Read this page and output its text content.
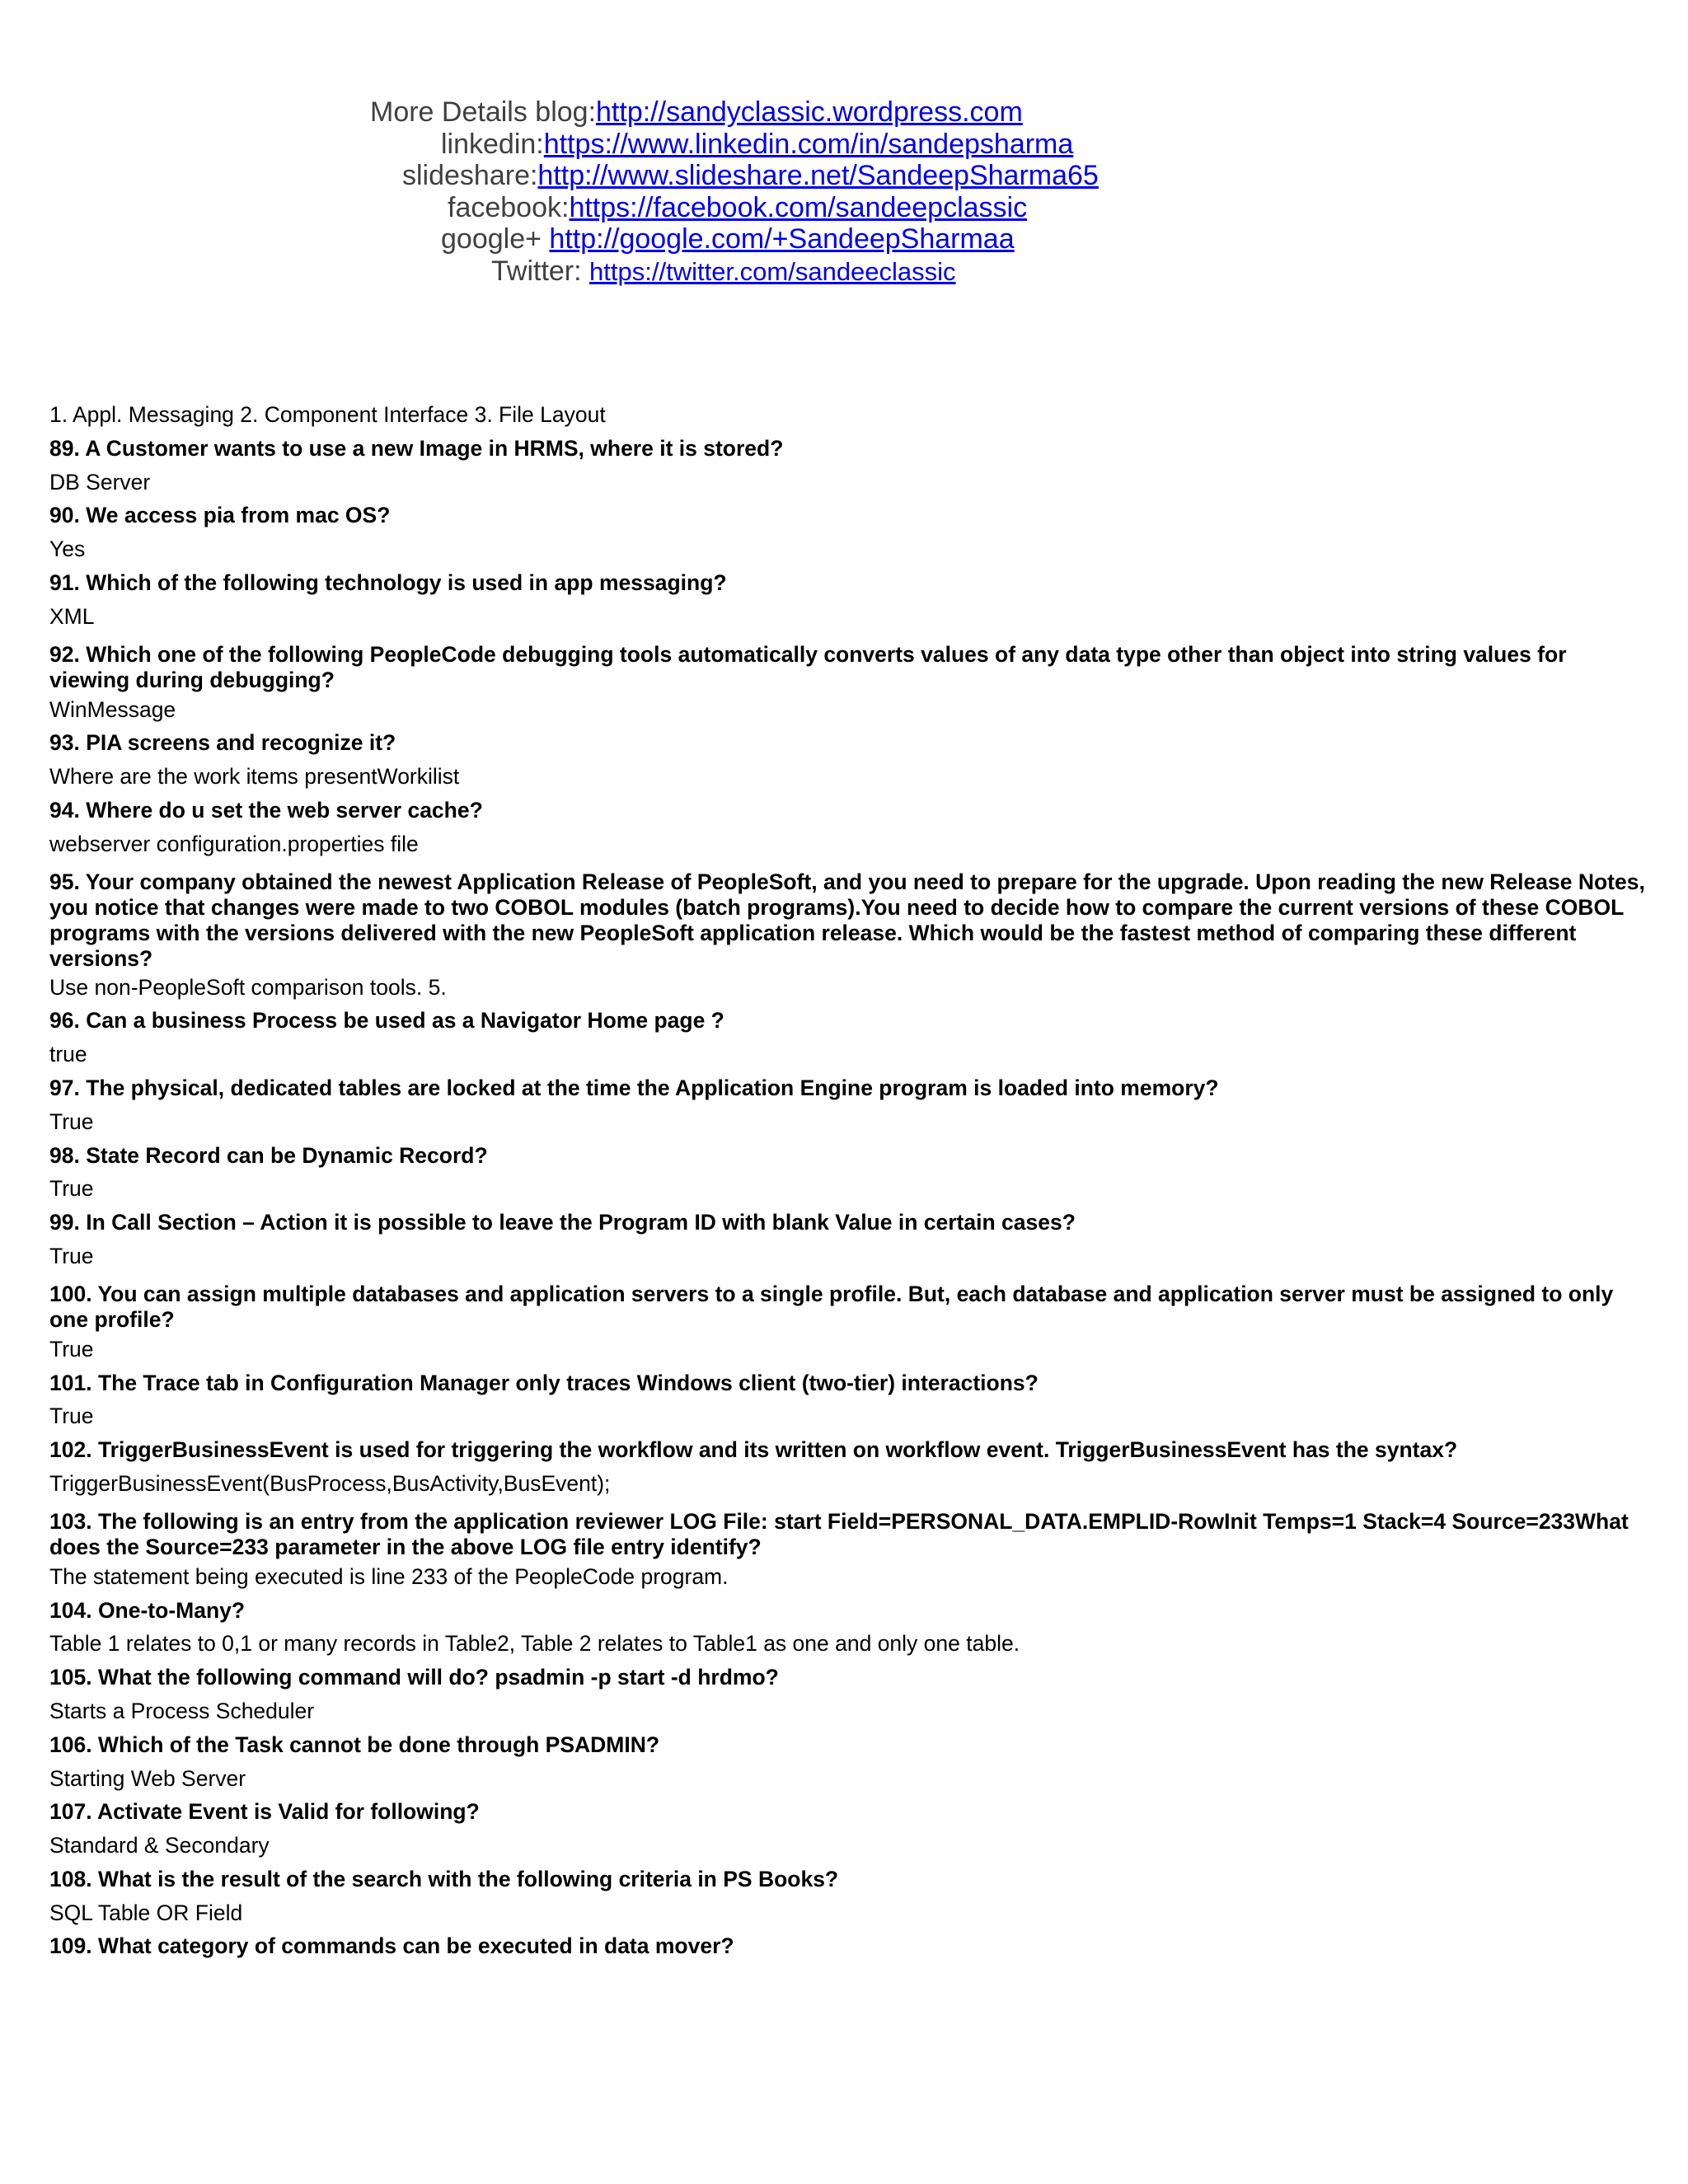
More Details blog:http://sandyclassic.wordpress.com
linkedin:https://www.linkedin.com/in/sandepsharma
slideshare:http://www.slideshare.net/SandeepSharma65
facebook:https://facebook.com/sandeepclassic
google+ http://google.com/+SandeepSharmaa
Twitter: https://twitter.com/sandeeclassic
1. Appl. Messaging 2. Component Interface 3. File Layout
89. A Customer wants to use a new Image in HRMS, where it is stored?
DB Server
90. We access pia from mac OS?
Yes
91. Which of the following technology is used in app messaging?
XML
92. Which one of the following PeopleCode debugging tools automatically converts values of any data type other than object into string values for viewing during debugging?
WinMessage
93. PIA screens and recognize it?
Where are the work items presentWorkilist
94. Where do u set the web server cache?
webserver configuration.properties file
95. Your company obtained the newest Application Release of PeopleSoft, and you need to prepare for the upgrade. Upon reading the new Release Notes, you notice that changes were made to two COBOL modules (batch programs).You need to decide how to compare the current versions of these COBOL programs with the versions delivered with the new PeopleSoft application release. Which would be the fastest method of comparing these different versions?
Use non-PeopleSoft comparison tools. 5.
96. Can a business Process be used as a Navigator Home page ?
true
97. The physical, dedicated tables are locked at the time the Application Engine program is loaded into memory?
True
98. State Record can be Dynamic Record?
True
99. In Call Section – Action it is possible to leave the Program ID with blank Value in certain cases?
True
100. You can assign multiple databases and application servers to a single profile. But, each database and application server must be assigned to only one profile?
True
101. The Trace tab in Configuration Manager only traces Windows client (two-tier) interactions?
True
102. TriggerBusinessEvent is used for triggering the workflow and its written on workflow event. TriggerBusinessEvent has the syntax?
TriggerBusinessEvent(BusProcess,BusActivity,BusEvent);
103. The following is an entry from the application reviewer LOG File: start Field=PERSONAL_DATA.EMPLID-RowInit Temps=1 Stack=4 Source=233What does the Source=233 parameter in the above LOG file entry identify?
The statement being executed is line 233 of the PeopleCode program.
104. One-to-Many?
Table 1 relates to 0,1 or many records in Table2, Table 2 relates to Table1 as one and only one table.
105. What the following command will do? psadmin -p start -d hrdmo?
Starts a Process Scheduler
106. Which of the Task cannot be done through PSADMIN?
Starting Web Server
107. Activate Event is Valid for following?
Standard & Secondary
108. What is the result of the search with the following criteria in PS Books?
SQL Table OR Field
109. What category of commands can be executed in data mover?
